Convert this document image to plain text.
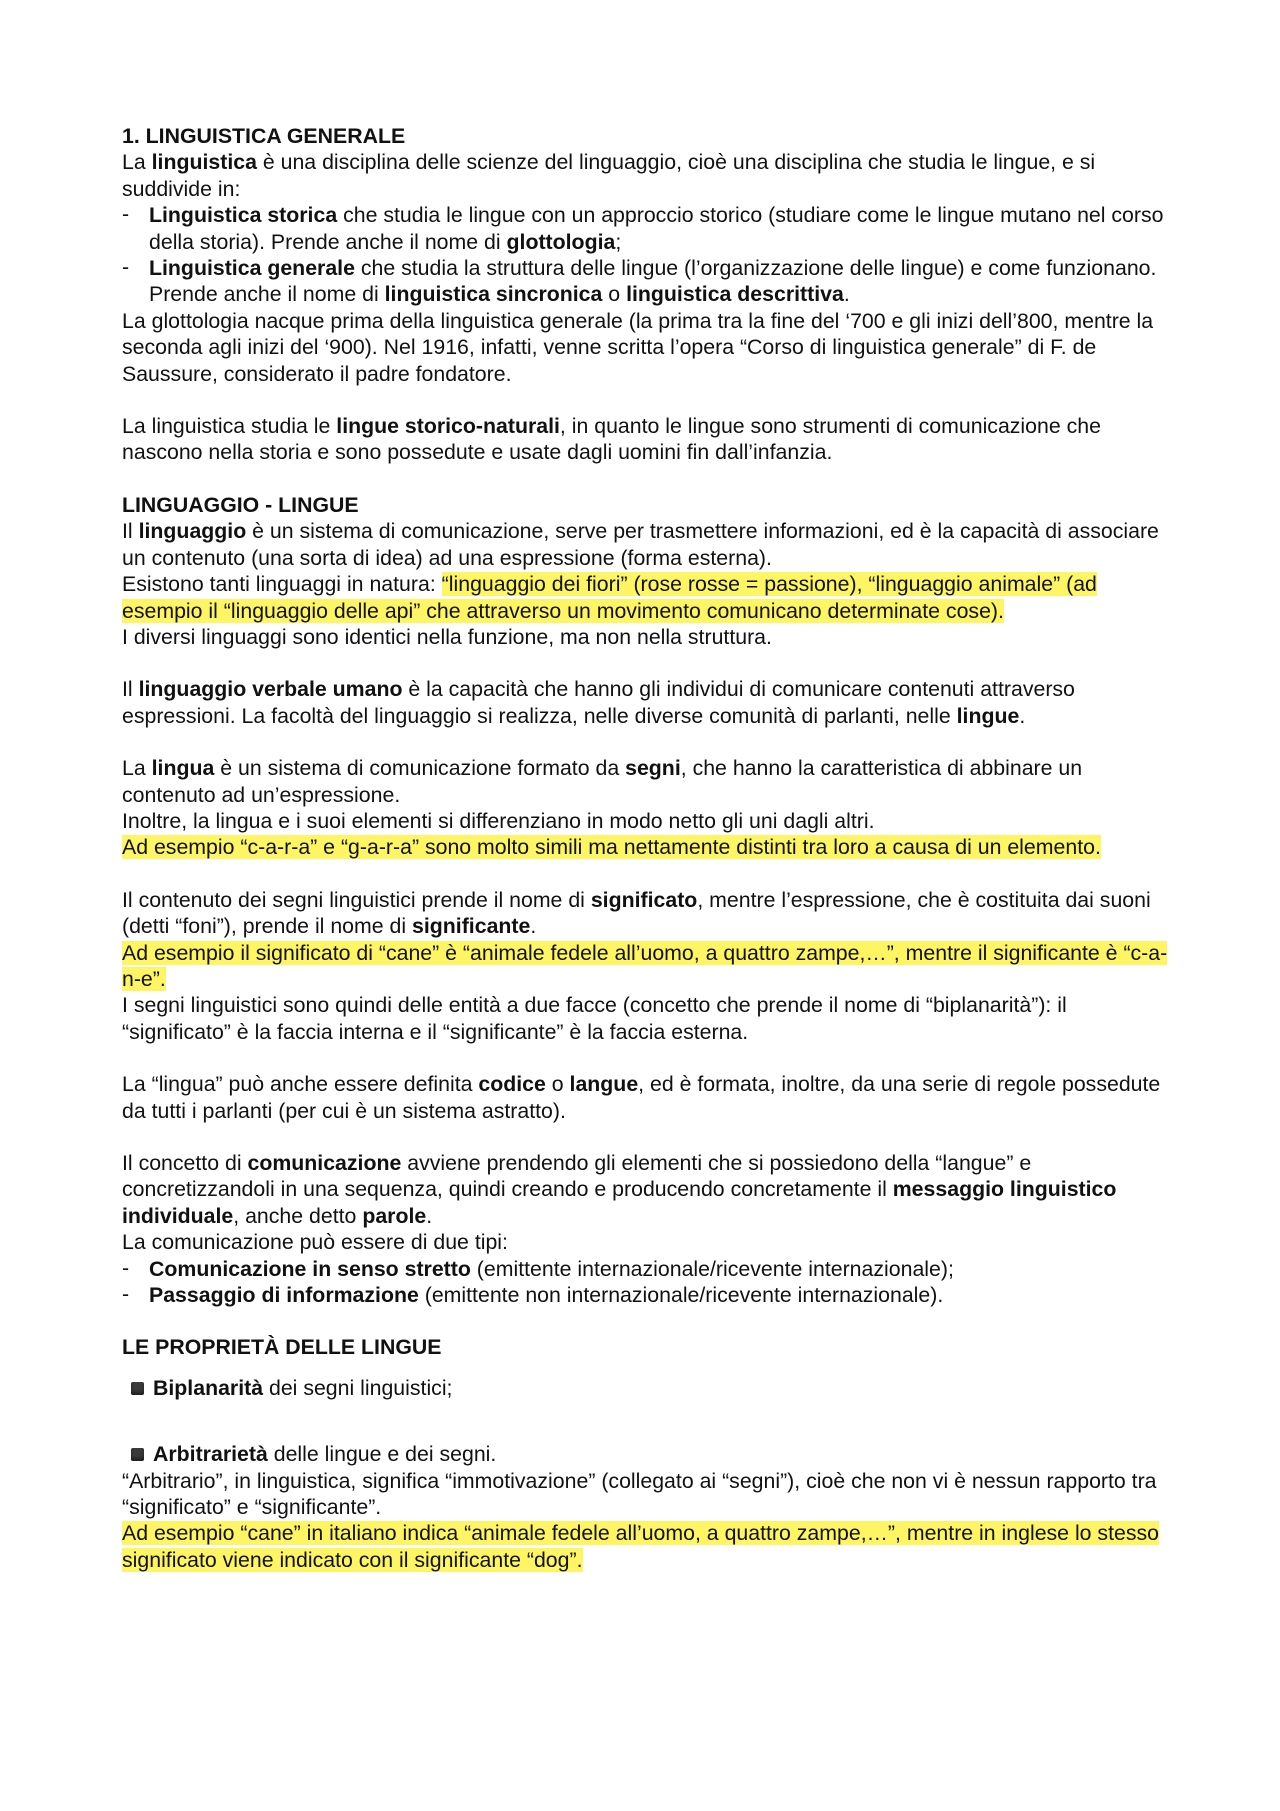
1. LINGUISTICA GENERALE

La linguistica è una disciplina delle scienze del linguaggio, cioè una disciplina che studia le lingue, e si suddivide in:

- Linguistica storica che studia le lingue con un approccio storico (studiare come le lingue mutano nel corso della storia). Prende anche il nome di glottologia;
- Linguistica generale che studia la struttura delle lingue (l’organizzazione delle lingue) e come funzionano. Prende anche il nome di linguistica sincronica o linguistica descrittiva.

La glottologia nacque prima della linguistica generale (la prima tra la fine del ‘700 e gli inizi dell’800, mentre la seconda agli inizi del ‘900). Nel 1916, infatti, venne scritta l’opera “Corso di linguistica generale” di F. de Saussure, considerato il padre fondatore.

La linguistica studia le lingue storico-naturali, in quanto le lingue sono strumenti di comunicazione che nascono nella storia e sono possedute e usate dagli uomini fin dall’infanzia.

LINGUAGGIO - LINGUE

Il linguaggio è un sistema di comunicazione, serve per trasmettere informazioni, ed è la capacità di associare un contenuto (una sorta di idea) ad una espressione (forma esterna).

Esistono tanti linguaggi in natura: “linguaggio dei fiori” (rose rosse = passione), “linguaggio animale” (ad esempio il “linguaggio delle api” che attraverso un movimento comunicano determinate cose).

I diversi linguaggi sono identici nella funzione, ma non nella struttura.

Il linguaggio verbale umano è la capacità che hanno gli individui di comunicare contenuti attraverso espressioni. La facoltà del linguaggio si realizza, nelle diverse comunità di parlanti, nelle lingue.

La lingua è un sistema di comunicazione formato da segni, che hanno la caratteristica di abbinare un contenuto ad un’espressione.

Inoltre, la lingua e i suoi elementi si differenziano in modo netto gli uni dagli altri.

Ad esempio “c-a-r-a” e “g-a-r-a” sono molto simili ma nettamente distinti tra loro a causa di un elemento.

Il contenuto dei segni linguistici prende il nome di significato, mentre l’espressione, che è costituita dai suoni (detti “foni”), prende il nome di significante.

Ad esempio il significato di “cane” è “animale fedele all’uomo, a quattro zampe,…”, mentre il significante è “c-a-n-e”.

I segni linguistici sono quindi delle entità a due facce (concetto che prende il nome di “biplanarità”): il “significato” è la faccia interna e il “significante” è la faccia esterna.

La “lingua” può anche essere definita codice o langue, ed è formata, inoltre, da una serie di regole possedute da tutti i parlanti (per cui è un sistema astratto).

Il concetto di comunicazione avviene prendendo gli elementi che si possiedono della “langue” e concretizzandoli in una sequenza, quindi creando e producendo concretamente il messaggio linguistico individuale, anche detto parole.

La comunicazione può essere di due tipi:

- Comunicazione in senso stretto (emittente internazionale/ricevente internazionale);
- Passaggio di informazione (emittente non internazionale/ricevente internazionale).

LE PROPRIETÀ DELLE LINGUE

Biplanarità dei segni linguistici;

Arbitrarietà delle lingue e dei segni.

“Arbitrario”, in linguistica, significa “immotivazione” (collegato ai “segni”), cioè che non vi è nessun rapporto tra “significato” e “significante”.

Ad esempio “cane” in italiano indica “animale fedele all’uomo, a quattro zampe,…”, mentre in inglese lo stesso significato viene indicato con il significante “dog”.
